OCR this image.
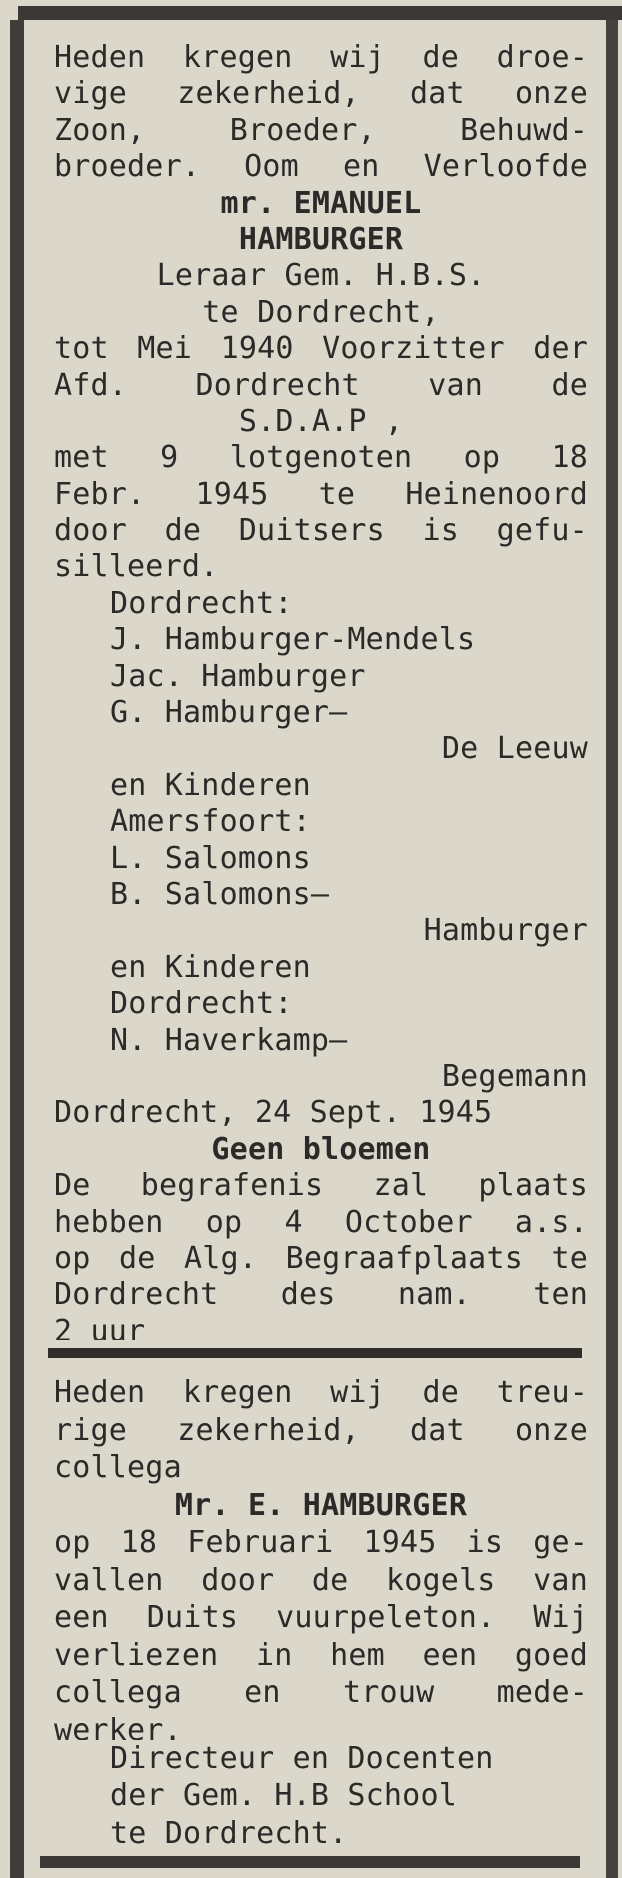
Heden kregen wij de droe-
vige zekerheid, dat onze
Zoon,	Broeder,	Behuwd-
broeder. Oom en Verloofde
mr. EMANUEL
HAMBURGER
Leraar Gem. H.B.S.
te Dordrecht,
tot Mei 1940 Voorzitter der
Afd. Dordrecht van de
S.D.A.P ,
met 9 lotgenoten op 18
Febr. 1945 te Heinenoord
door de Duitsers is gefu-
silleerd.
Dordrecht:
J. Hamburger-Mendels
Jac. Hamburger
G. Hamburger—
De Leeuw
en Kinderen
Amersfoort:
L. Salomons
B. Salomons—
Hamburger
en Kinderen
Dordrecht:
N. Haverkamp—
Begemann
Dordrecht, 24 Sept. 1945
Geen bloemen
De begrafenis zal plaats
hebben op 4 October a.s.
op de Alg. Begraafplaats te
Dordrecht des nam. ten
2 uur
Heden kregen wij de treu-
rige zekerheid, dat onze
collega
Mr. E. HAMBURGER
op 18 Februari 1945 is ge-
vallen door de kogels van
een Duits vuurpeleton. Wij
verliezen in hem een goed
collega en trouw mede-
werker.
Directeur en Docenten
der Gem. H.B School
te Dordrecht.
